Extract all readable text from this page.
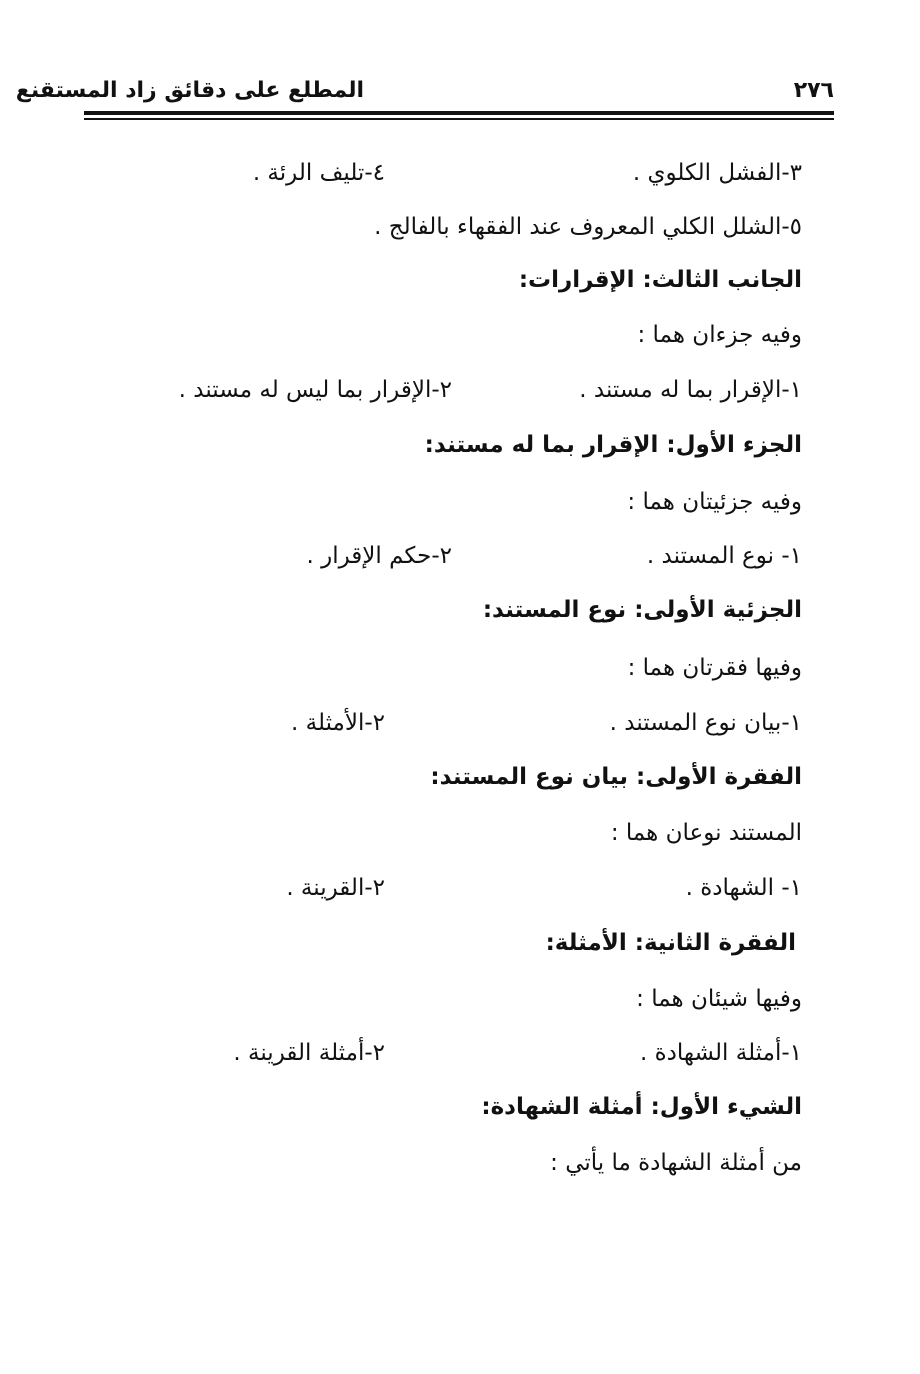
المطلع على دقائق زاد المستقنع	٢٧٦
٣-الفشل الكلوي .
٤-تليف الرئة .
٥-الشلل الكلي المعروف عند الفقهاء بالفالج .
الجانب الثالث: الإقرارات:
وفيه جزءان هما :
١-الإقرار بما له مستند .
٢-الإقرار بما ليس له مستند .
الجزء الأول: الإقرار بما له مستند:
وفيه جزئيتان هما :
١- نوع المستند .
٢-حكم الإقرار .
الجزئية الأولى: نوع المستند:
وفيها فقرتان هما :
١-بيان نوع المستند .
٢-الأمثلة .
الفقرة الأولى: بيان نوع المستند:
المستند نوعان هما :
١- الشهادة .
٢-القرينة .
الفقرة الثانية: الأمثلة:
وفيها شيئان هما :
١-أمثلة الشهادة .
٢-أمثلة القرينة .
الشيء الأول: أمثلة الشهادة:
من أمثلة الشهادة ما يأتي :
